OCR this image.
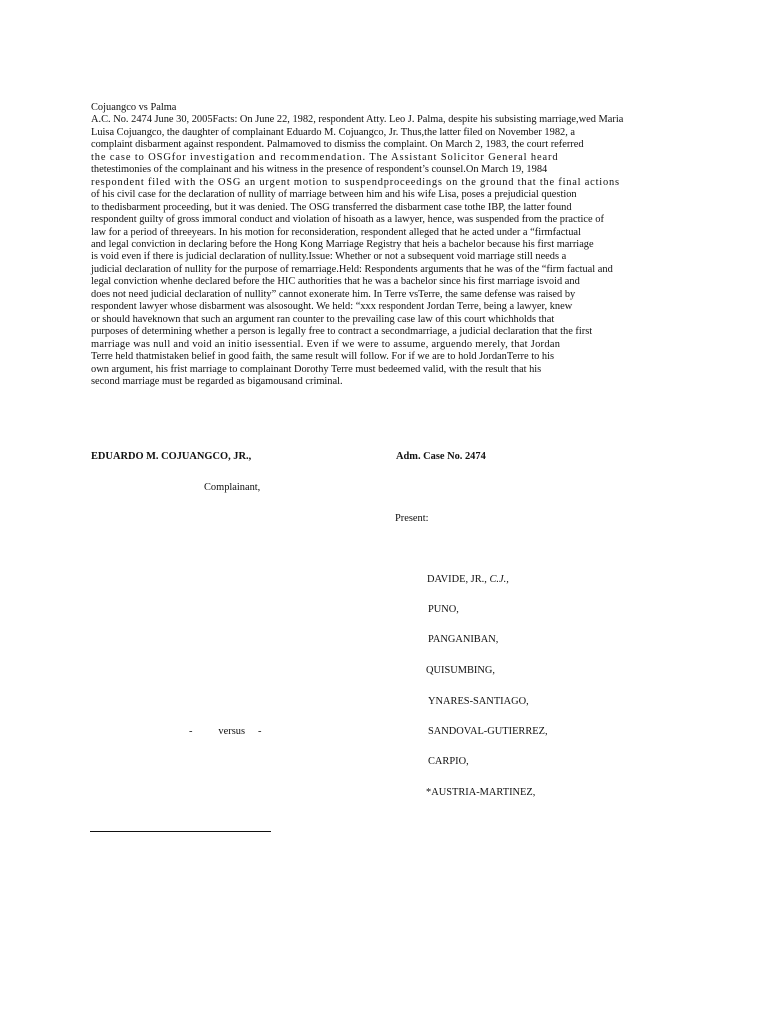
Cojuangco vs Palma
A.C. No. 2474 June 30, 2005Facts: On June 22, 1982, respondent Atty. Leo J. Palma, despite his subsisting marriage,wed Maria
Luisa Cojuangco, the daughter of complainant Eduardo M. Cojuangco, Jr. Thus,the latter filed on November 1982, a
complaint disbarment against respondent. Palmamoved to dismiss the complaint. On March 2, 1983, the court referred
the case to OSGfor investigation and recommendation. The Assistant Solicitor General heard
thetestimonies of the complainant and his witness in the presence of respondent’s counsel.On March 19, 1984
respondent filed with the OSG an urgent motion to suspendproceedings on the ground that the final actions
of his civil case for the declaration of nullity of marriage between him and his wife Lisa, poses a prejudicial question
to thedisbarment proceeding, but it was denied. The OSG transferred the disbarment case tothe IBP, the latter found
respondent guilty of gross immoral conduct and violation of hisoath as a lawyer, hence, was suspended from the practice of
law for a period of threeyears. In his motion for reconsideration, respondent alleged that he acted under a “firmfactual
and legal conviction in declaring before the Hong Kong Marriage Registry that heis a bachelor because his first marriage
is void even if there is judicial declaration of nullity.Issue: Whether or not a subsequent void marriage still needs a
judicial declaration of nullity for the purpose of remarriage.Held: Respondents arguments that he was of the “firm factual and
legal conviction whenhe declared before the HIC authorities that he was a bachelor since his first marriage isvoid and
does not need judicial declaration of nullity” cannot exonerate him. In Terre vsTerre, the same defense was raised by
respondent lawyer whose disbarment was alsosought. We held: “xxx respondent Jordan Terre, being a lawyer, knew
or should haveknown that such an argument ran counter to the prevailing case law of this court whichholds that
purposes of determining whether a person is legally free to contract a secondmarriage, a judicial declaration that the first
marriage was null and void an initio isessential. Even if we were to assume, arguendo merely, that Jordan
Terre held thatmistaken belief in good faith, the same result will follow. For if we are to hold JordanTerre to his
own argument, his frist marriage to complainant Dorothy Terre must bedeemed valid, with the result that his
second marriage must be regarded as bigamousand criminal.
EDUARDO M. COJUANGCO, JR.,	Adm. Case No. 2474
Complainant,
Present:
DAVIDE, JR., C.J.,
PUNO,
PANGANIBAN,
QUISUMBING,
YNARES-SANTIAGO,
-          versus     -	SANDOVAL-GUTIERREZ,
CARPIO,
*AUSTRIA-MARTINEZ,
